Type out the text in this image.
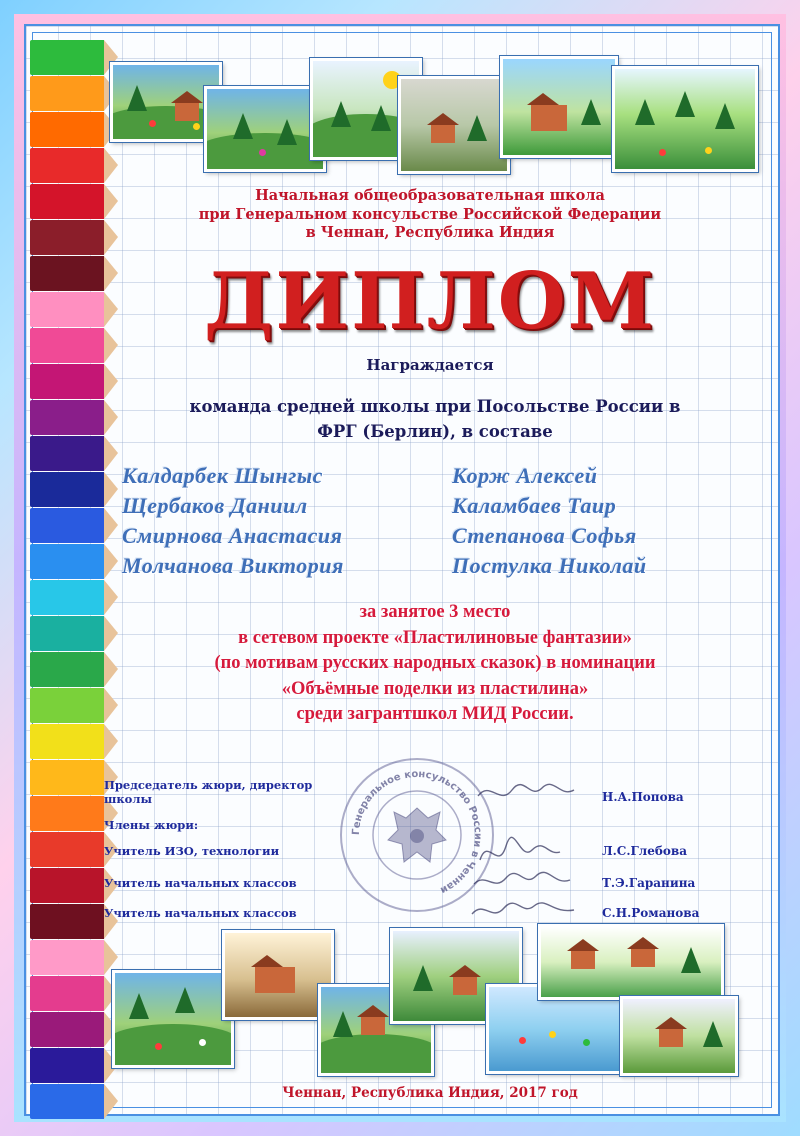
Начальная общеобразовательная школа
при Генеральном консульстве Российской Федерации
в Ченнан, Республика Индия
ДИПЛОМ
Награждается
команда средней школы при Посольстве России в
ФРГ (Берлин), в составе
Калдарбек Шынгыс
Щербаков Даниил
Смирнова Анастасия
Молчанова Виктория
Корж Алексей
Каламбаев Таир
Степанова Софья
Постулка Николай
за занятое 3 место
в сетевом проекте «Пластилиновые фантазии»
(по мотивам русских народных сказок) в номинации
«Объёмные поделки из пластилина»
среди загрантшкол МИД России.
Генеральное консульство России в Ченнаи
Председатель жюри, директор
школы	Н.А.Попова
Члены жюри:
Учитель ИЗО, технологии	Л.С.Глебова
Учитель начальных классов	Т.Э.Гаранина
Учитель начальных классов	С.Н.Романова
Ченнан, Республика Индия, 2017 год
